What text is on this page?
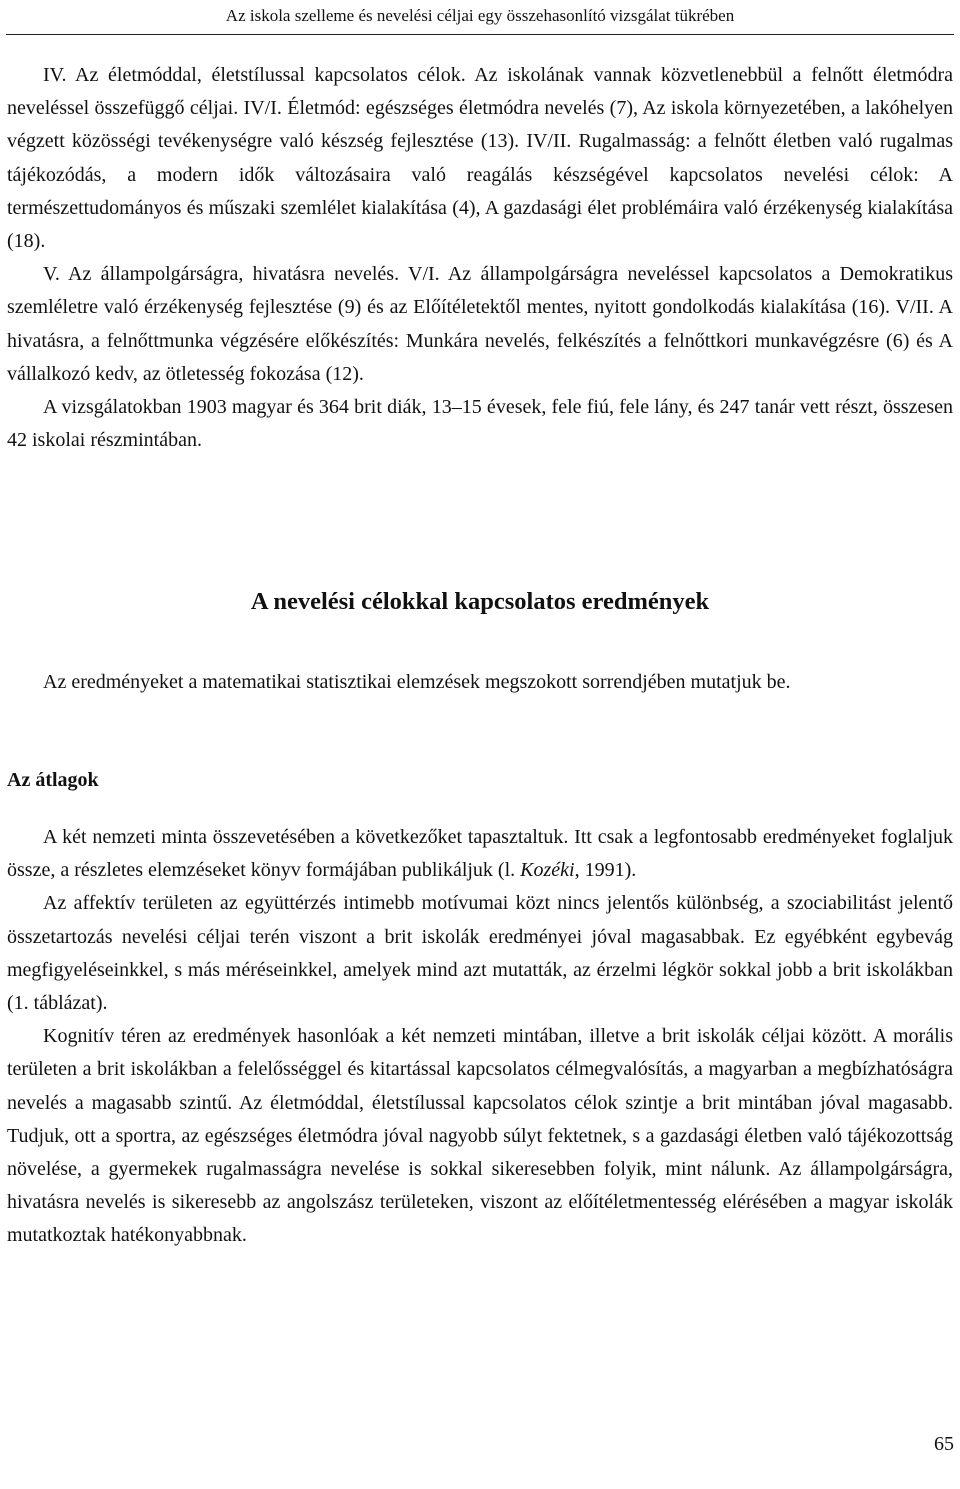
Az iskola szelleme és nevelési céljai egy összehasonlító vizsgálat tükrében

IV. Az életmóddal, életstílussal kapcsolatos célok. Az iskolának vannak közvetlenebbül a felnőtt életmódra neveléssel összefüggő céljai. IV/I. Életmód: egészséges életmódra nevelés (7), Az iskola környezetében, a lakóhelyen végzett közösségi tevékenységre való készség fejlesztése (13). IV/II. Rugalmasság: a felnőtt életben való rugalmas tájékozódás, a modern idők változásaira való reagálás készségével kapcsolatos nevelési célok: A természettudományos és műszaki szemlélet kialakítása (4), A gazdasági élet problémáira való érzékenység kialakítása (18).

V. Az állampolgárságra, hivatásra nevelés. V/I. Az állampolgárságra neveléssel kapcsolatos a Demokratikus szemléletre való érzékenység fejlesztése (9) és az Előítéletektől mentes, nyitott gondolkodás kialakítása (16). V/II. A hivatásra, a felnőttmunka végzésére előkészítés: Munkára nevelés, felkészítés a felnőttkori munkavégzésre (6) és A vállalkozó kedv, az ötletesség fokozása (12).

A vizsgálatokban 1903 magyar és 364 brit diák, 13–15 évesek, fele fiú, fele lány, és 247 tanár vett részt, összesen 42 iskolai részmintában.

A nevelési célokkal kapcsolatos eredmények

Az eredményeket a matematikai statisztikai elemzések megszokott sorrendjében mutatjuk be.

Az átlagok

A két nemzeti minta összevetésében a következőket tapasztaltuk. Itt csak a legfontosabb eredményeket foglaljuk össze, a részletes elemzéseket könyv formájában publikáljuk (l. Kozéki, 1991).

Az affektív területen az együttérzés intimebb motívumai közt nincs jelentős különbség, a szociabilitást jelentő összetartozás nevelési céljai terén viszont a brit iskolák eredményei jóval magasabbak. Ez egyébként egybevág megfigyeléseinkkel, s más méréseinkkel, amelyek mind azt mutatták, az érzelmi légkör sokkal jobb a brit iskolákban (1. táblázat).

Kognitív téren az eredmények hasonlóak a két nemzeti mintában, illetve a brit iskolák céljai között. A morális területen a brit iskolákban a felelősséggel és kitartással kapcsolatos célmegvalósítás, a magyarban a megbízhatóságra nevelés a magasabb szintű. Az életmóddal, életstílussal kapcsolatos célok szintje a brit mintában jóval magasabb. Tudjuk, ott a sportra, az egészséges életmódra jóval nagyobb súlyt fektetnek, s a gazdasági életben való tájékozottság növelése, a gyermekek rugalmasságra nevelése is sokkal sikeresebben folyik, mint nálunk. Az állampolgárságra, hivatásra nevelés is sikeresebb az angolszász területeken, viszont az előítéletmentesség elérésében a magyar iskolák mutatkoztak hatékonyabbnak.

65
